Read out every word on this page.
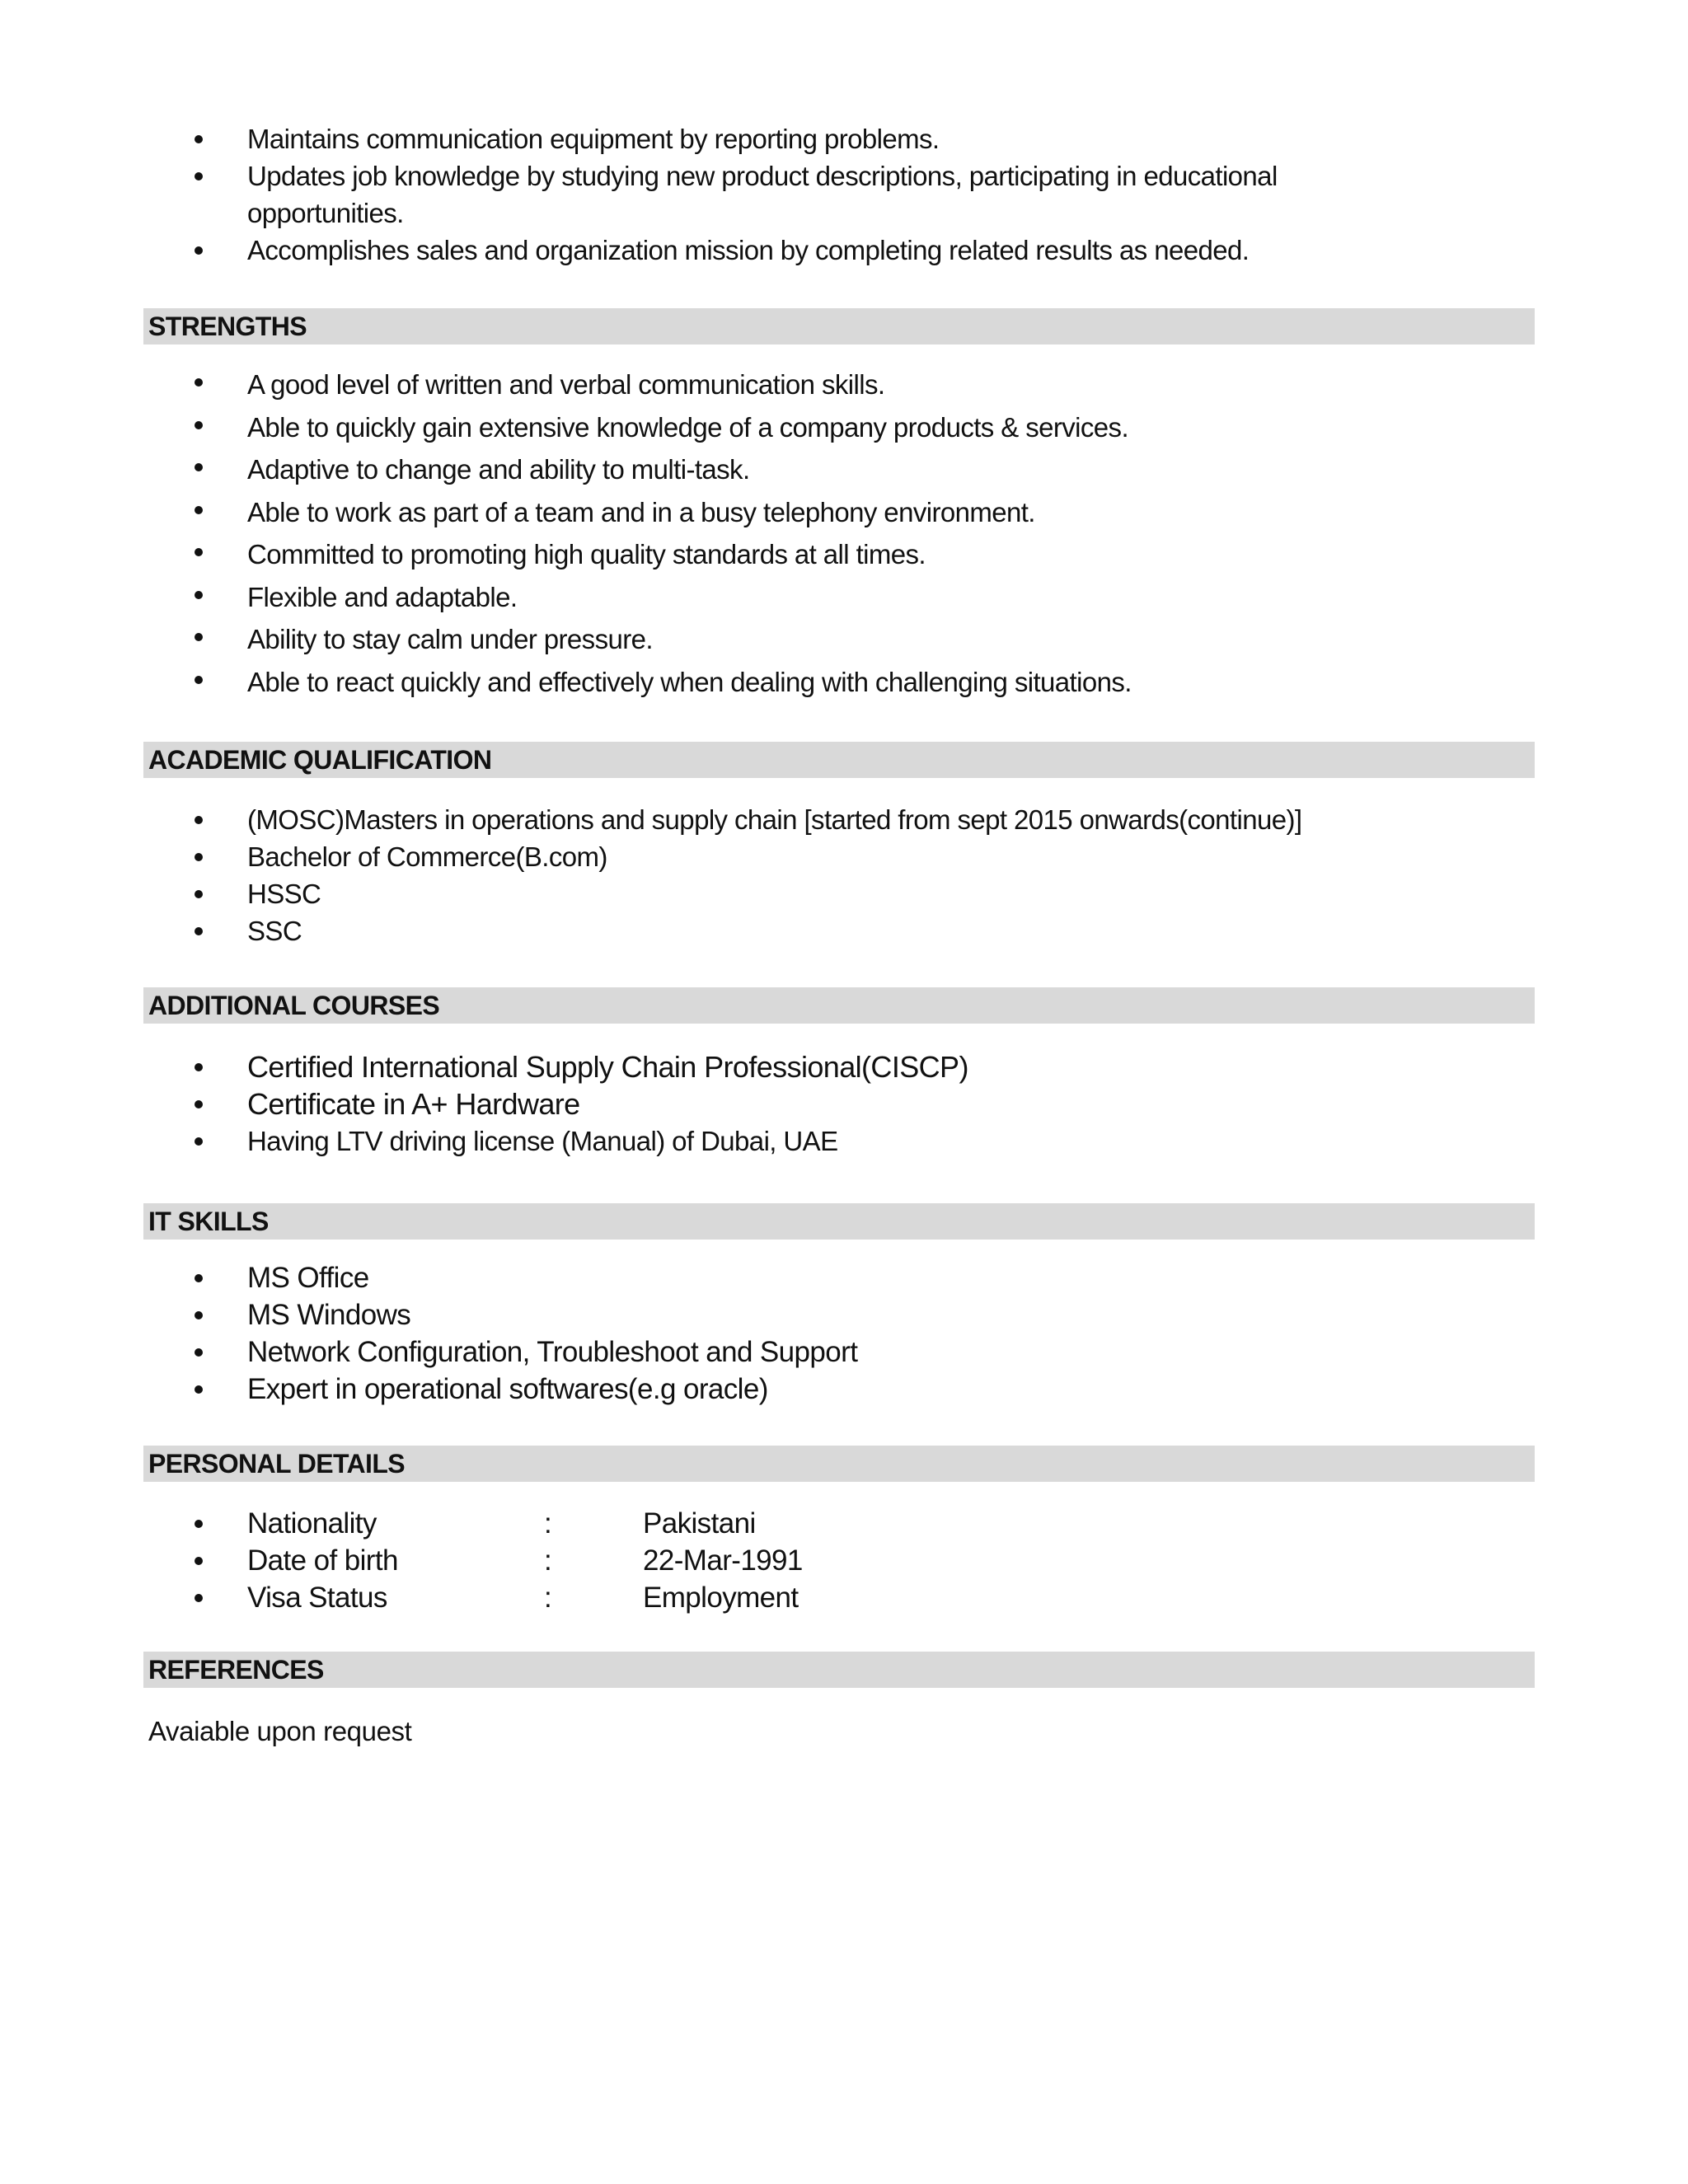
Maintains communication equipment by reporting problems.
Updates job knowledge by studying new product descriptions, participating in educational
opportunities.
Accomplishes sales and organization mission by completing related results as needed.
STRENGTHS
A good level of written and verbal communication skills.
Able to quickly gain extensive knowledge of a company products & services.
Adaptive to change and ability to multi-task.
Able to work as part of a team and in a busy telephony environment.
Committed to promoting high quality standards at all times.
Flexible and adaptable.
Ability to stay calm under pressure.
Able to react quickly and effectively when dealing with challenging situations.
ACADEMIC QUALIFICATION
(MOSC)Masters in operations and supply chain [started from sept 2015 onwards(continue)]
Bachelor of Commerce(B.com)
HSSC
SSC
ADDITIONAL COURSES
Certified International Supply Chain Professional(CISCP)
Certificate in A+ Hardware
Having LTV driving license (Manual) of Dubai, UAE
IT SKILLS
MS Office
MS Windows
Network Configuration, Troubleshoot and Support
Expert in operational softwares(e.g oracle)
PERSONAL DETAILS
Nationality	:	Pakistani
Date of birth	:	22-Mar-1991
Visa Status	:	Employment
REFERENCES
Avaiable upon request
